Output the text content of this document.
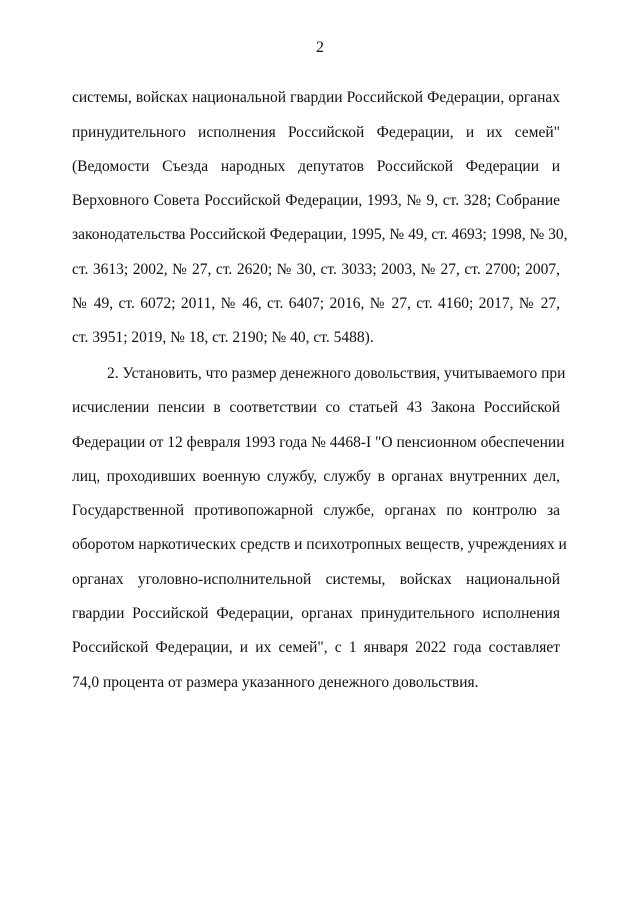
2
системы, войсках национальной гвардии Российской Федерации, органах
принудительного исполнения Российской Федерации, и их семей"
(Ведомости Съезда народных депутатов Российской Федерации и
Верховного Совета Российской Федерации, 1993, № 9, ст. 328; Собрание
законодательства Российской Федерации, 1995, № 49, ст. 4693; 1998, № 30,
ст. 3613; 2002, № 27, ст. 2620; № 30, ст. 3033; 2003, № 27, ст. 2700; 2007,
№ 49, ст. 6072; 2011, № 46, ст. 6407; 2016, № 27, ст. 4160; 2017, № 27,
ст. 3951; 2019, № 18, ст. 2190; № 40, ст. 5488).
2. Установить, что размер денежного довольствия, учитываемого при
исчислении пенсии в соответствии со статьей 43 Закона Российской
Федерации от 12 февраля 1993 года № 4468-I "О пенсионном обеспечении
лиц, проходивших военную службу, службу в органах внутренних дел,
Государственной противопожарной службе, органах по контролю за
оборотом наркотических средств и психотропных веществ, учреждениях и
органах уголовно-исполнительной системы, войсках национальной
гвардии Российской Федерации, органах принудительного исполнения
Российской Федерации, и их семей", с 1 января 2022 года составляет
74,0 процента от размера указанного денежного довольствия.
